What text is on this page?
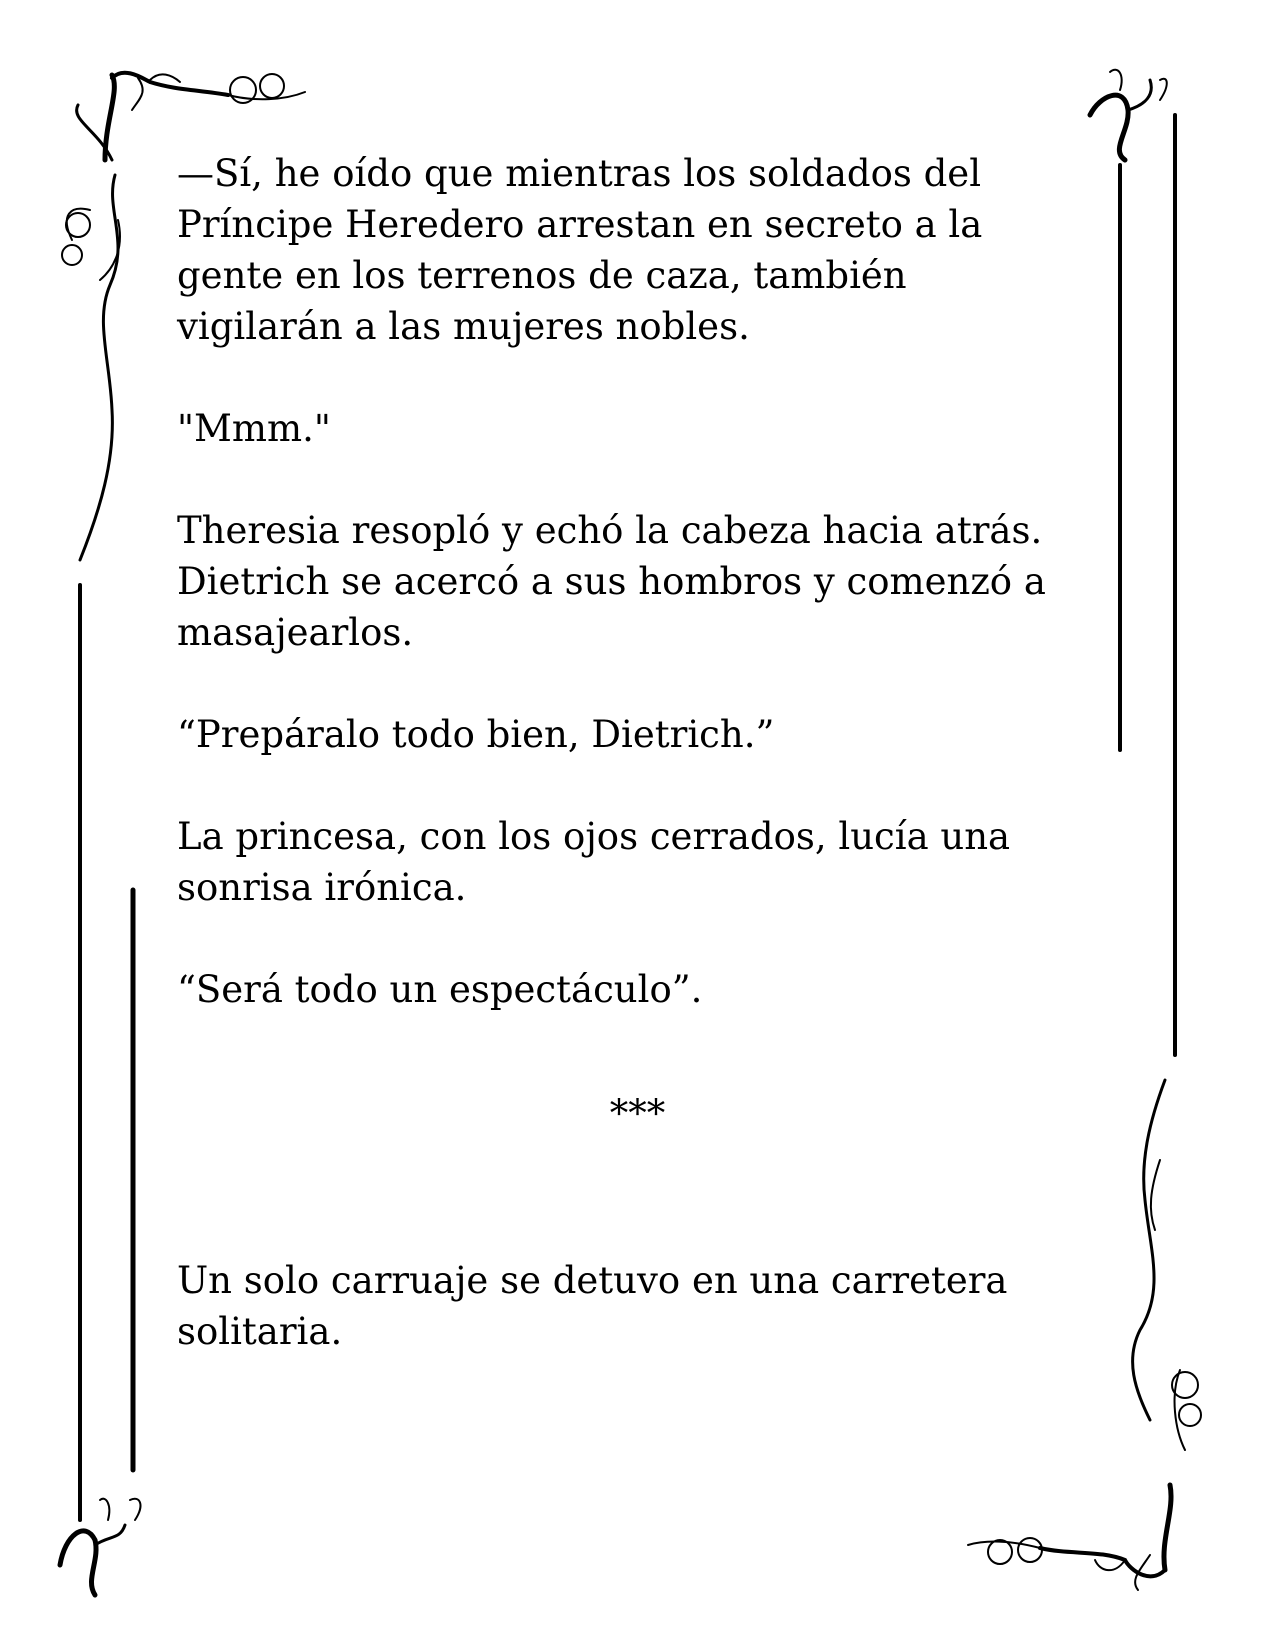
—Sí, he oído que mientras los soldados del Príncipe Heredero arrestan en secreto a la gente en los terrenos de caza, también vigilarán a las mujeres nobles.

"Mmm."

Theresia resopló y echó la cabeza hacia atrás. Dietrich se acercó a sus hombros y comenzó a masajearlos.

“Prepáralo todo bien, Dietrich.”

La princesa, con los ojos cerrados, lucía una sonrisa irónica.

“Será todo un espectáculo”.

***

Un solo carruaje se detuvo en una carretera solitaria.
